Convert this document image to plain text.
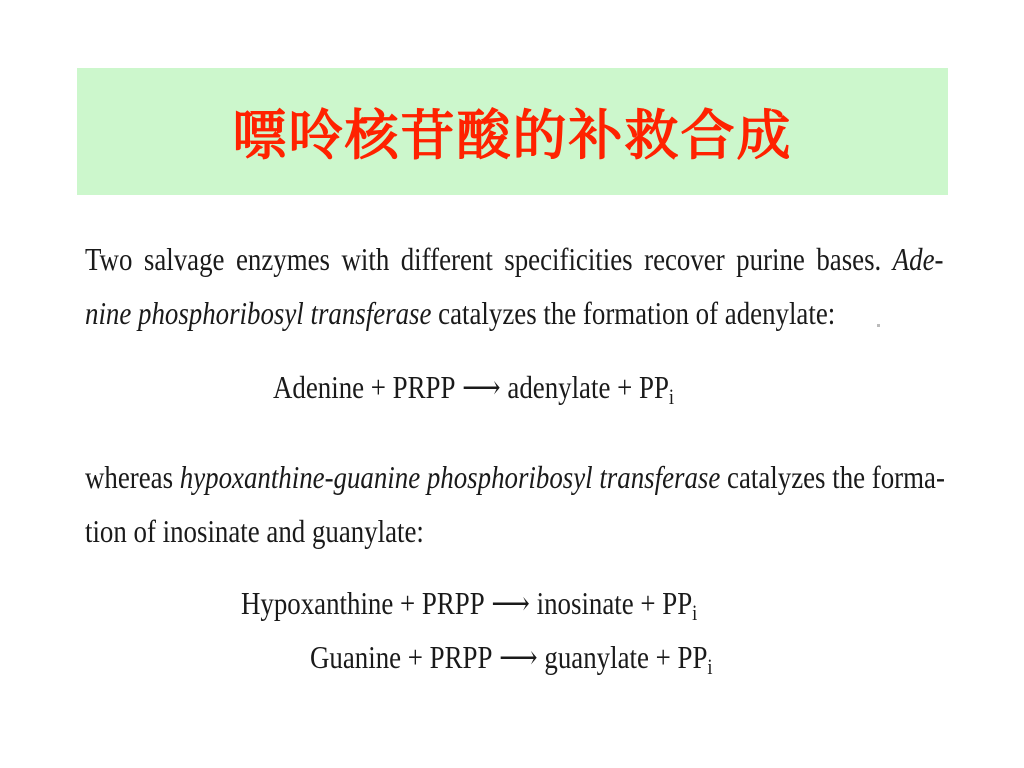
嘌呤核苷酸的补救合成
Two salvage enzymes with different specificities recover purine bases. Ade-
nine phosphoribosyl transferase catalyzes the formation of adenylate:
Adenine + PRPP ⟶ adenylate + $PP_i$
whereas hypoxanthine-guanine phosphoribosyl transferase catalyzes the forma-
tion of inosinate and guanylate:
Hypoxanthine + PRPP ⟶ inosinate + $PP_i$
Guanine + PRPP ⟶ guanylate + $PP_i$
